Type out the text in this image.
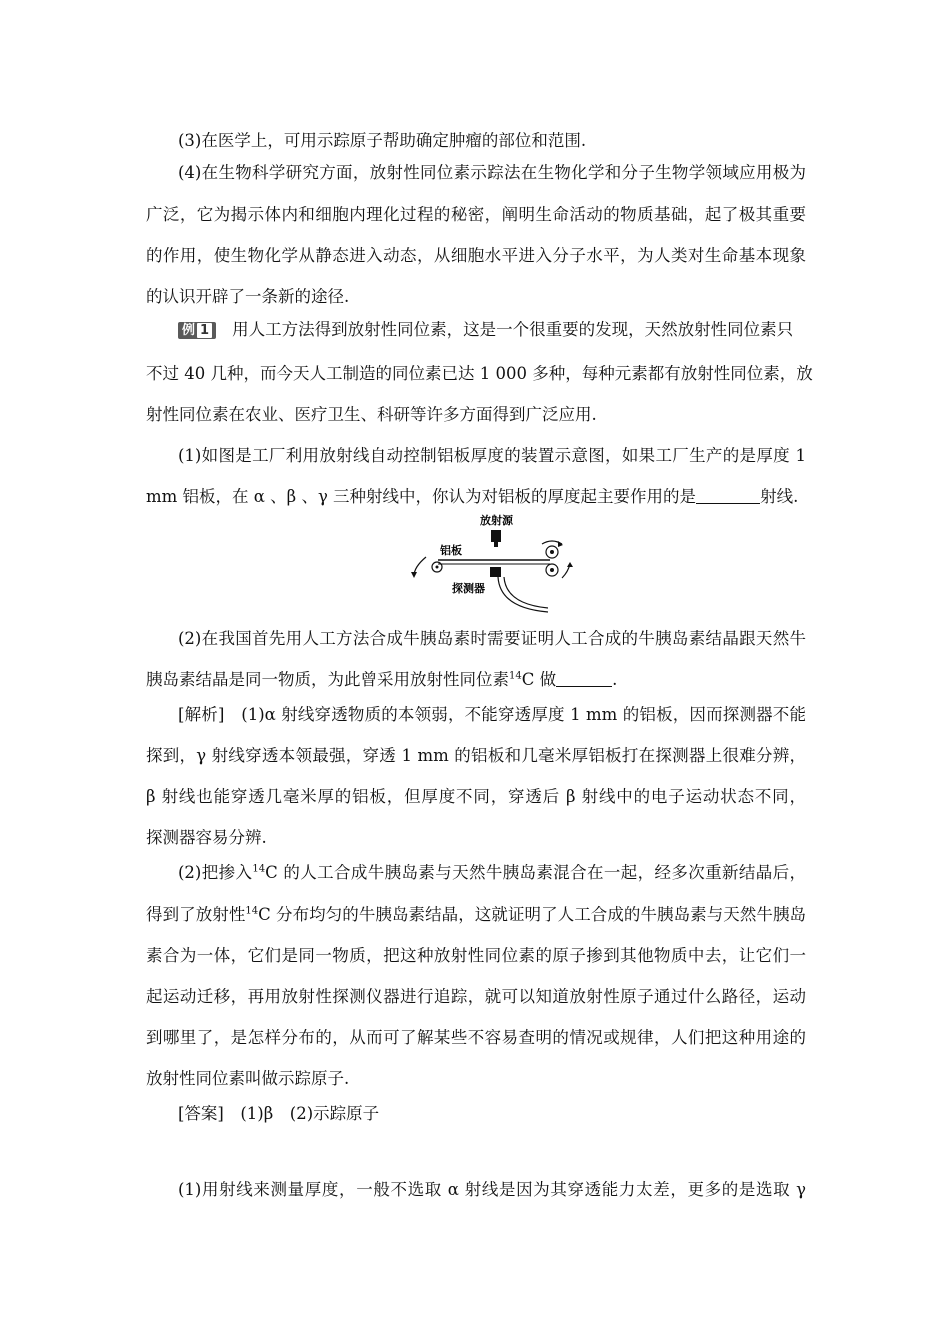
(3)在医学上，可用示踪原子帮助确定肿瘤的部位和范围.
(4)在生物科学研究方面，放射性同位素示踪法在生物化学和分子生物学领域应用极为
广泛，它为揭示体内和细胞内理化过程的秘密，阐明生命活动的物质基础，起了极其重要
的作用，使生物化学从静态进入动态，从细胞水平进入分子水平，为人类对生命基本现象
的认识开辟了一条新的途径.
例 1 用人工方法得到放射性同位素，这是一个很重要的发现，天然放射性同位素只
不过 40 几种，而今天人工制造的同位素已达 1 000 多种，每种元素都有放射性同位素，放
射性同位素在农业、医疗卫生、科研等许多方面得到广泛应用.
(1)如图是工厂利用放射线自动控制铝板厚度的装置示意图，如果工厂生产的是厚度 1
mm 铝板，在 α 、β 、γ 三种射线中，你认为对铝板的厚度起主要作用的是	射线.
放射源
铝板
探测器
(2)在我国首先用人工方法合成牛胰岛素时需要证明人工合成的牛胰岛素结晶跟天然牛
胰岛素结晶是同一物质，为此曾采用放射性同位素$^{14}$C 做	.
[解析]　(1)α 射线穿透物质的本领弱，不能穿透厚度 1 mm 的铝板，因而探测器不能
探到，γ 射线穿透本领最强，穿透 1 mm 的铝板和几毫米厚铝板打在探测器上很难分辨，
β 射线也能穿透几毫米厚的铝板，但厚度不同，穿透后 β 射线中的电子运动状态不同，
探测器容易分辨.
(2)把掺入$^{14}$C 的人工合成牛胰岛素与天然牛胰岛素混合在一起，经多次重新结晶后，
得到了放射性$^{14}$C 分布均匀的牛胰岛素结晶，这就证明了人工合成的牛胰岛素与天然牛胰岛
素合为一体，它们是同一物质，把这种放射性同位素的原子掺到其他物质中去，让它们一
起运动迁移，再用放射性探测仪器进行追踪，就可以知道放射性原子通过什么路径，运动
到哪里了，是怎样分布的，从而可了解某些不容易查明的情况或规律，人们把这种用途的
放射性同位素叫做示踪原子.
[答案]　(1)β　(2)示踪原子
(1)用射线来测量厚度，一般不选取 α 射线是因为其穿透能力太差，更多的是选取 γ
